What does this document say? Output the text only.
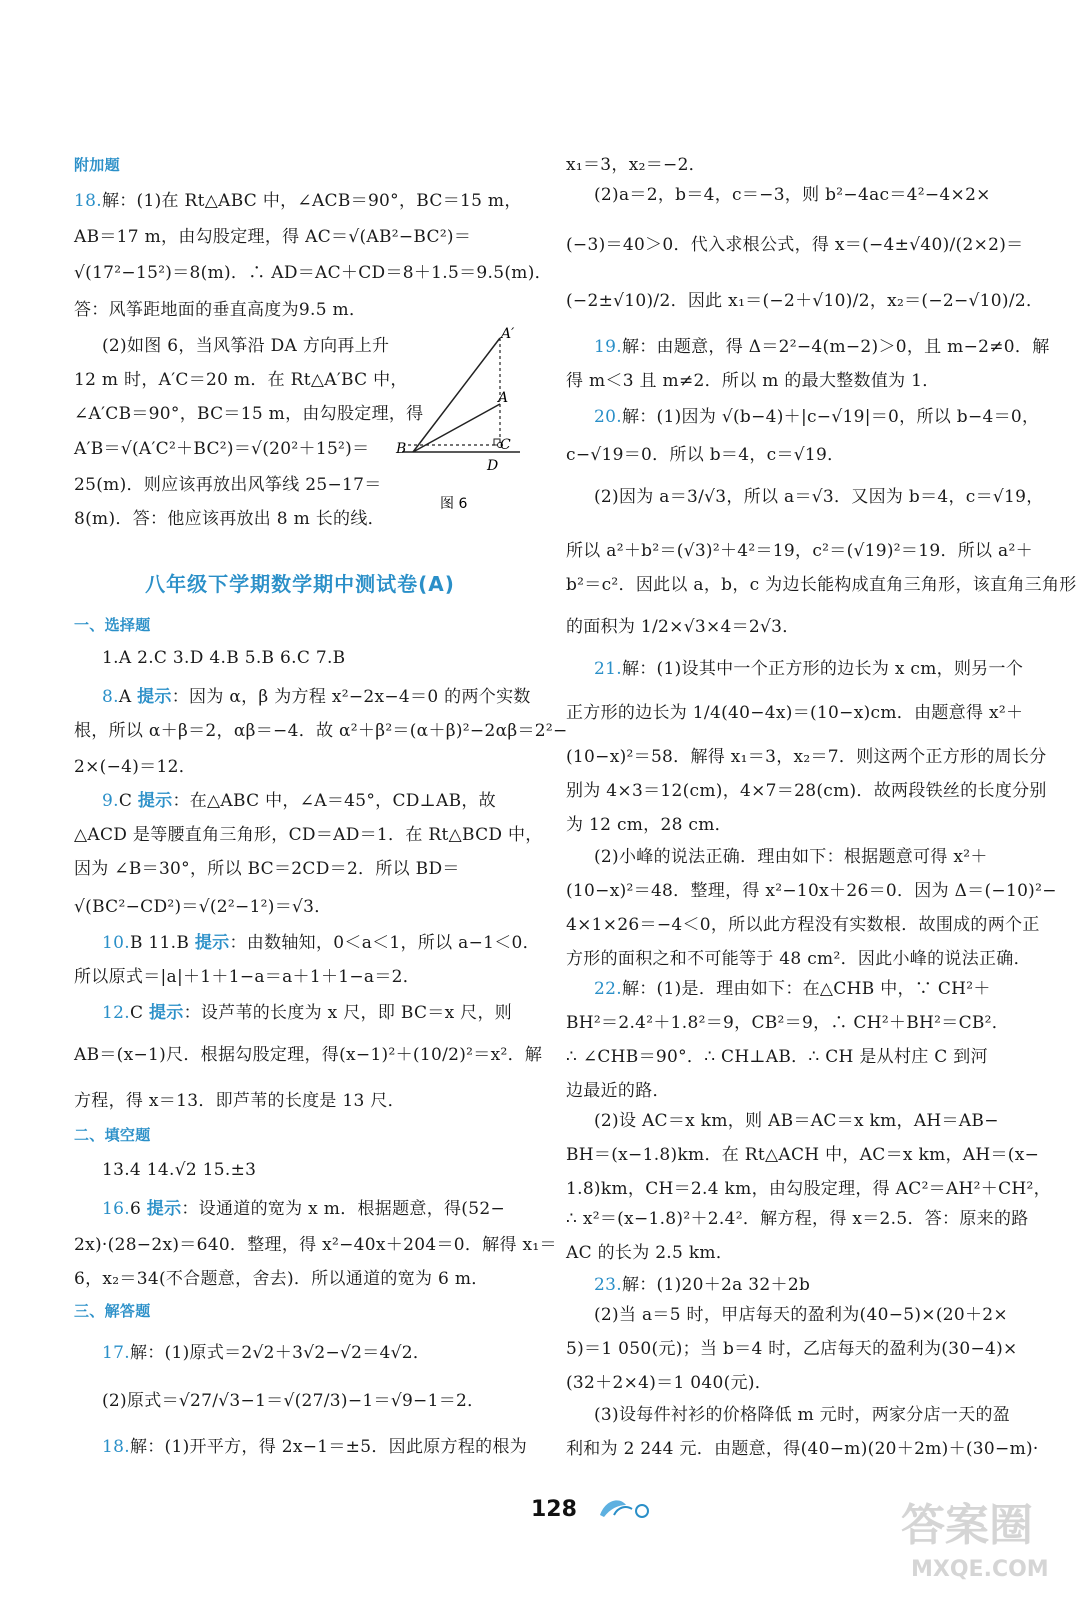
附加题
18.解：(1)在 Rt△ABC 中，∠ACB＝90°，BC＝15 m，
AB＝17 m，由勾股定理，得 AC＝√(AB²−BC²)＝
√(17²−15²)＝8(m)．∴ AD＝AC＋CD＝8＋1.5＝9.5(m)．
答：风筝距地面的垂直高度为9.5 m．
(2)如图 6，当风筝沿 DA 方向再上升
12 m 时，A′C＝20 m．在 Rt△A′BC 中，
∠A′CB＝90°，BC＝15 m，由勾股定理，得
A′B＝√(A′C²＋BC²)＝√(20²＋15²)＝
25(m)．则应该再放出风筝线 25−17＝
8(m)．答：他应该再放出 8 m 长的线．
一、选择题
1.A 2.C 3.D 4.B 5.B 6.C 7.B
8.A 提示：因为 α，β 为方程 x²−2x−4＝0 的两个实数
根，所以 α＋β＝2，αβ＝−4．故 α²＋β²＝(α＋β)²−2αβ＝2²−
2×(−4)＝12．
9.C 提示：在△ABC 中，∠A＝45°，CD⊥AB，故
△ACD 是等腰直角三角形，CD＝AD＝1．在 Rt△BCD 中，
因为 ∠B＝30°，所以 BC＝2CD＝2．所以 BD＝
√(BC²−CD²)＝√(2²−1²)＝√3．
10.B 11.B 提示：由数轴知，0＜a＜1，所以 a−1＜0．
所以原式＝|a|＋1＋1−a＝a＋1＋1−a＝2．
12.C 提示：设芦苇的长度为 x 尺，即 BC＝x 尺，则
AB＝(x−1)尺．根据勾股定理，得(x−1)²＋(10/2)²＝x²．解
方程，得 x＝13．即芦苇的长度是 13 尺．
二、填空题
13.4 14.√2 15.±3
16.6 提示：设通道的宽为 x m．根据题意，得(52−
2x)·(28−2x)＝640．整理，得 x²−40x＋204＝0．解得 x₁＝
6，x₂＝34(不合题意，舍去)．所以通道的宽为 6 m．
三、解答题
17.解：(1)原式＝2√2＋3√2−√2＝4√2．
(2)原式＝√27/√3−1＝√(27/3)−1＝√9−1＝2．
18.解：(1)开平方，得 2x−1＝±5．因此原方程的根为
x₁＝3，x₂＝−2．
(2)a＝2，b＝4，c＝−3，则 b²−4ac＝4²−4×2×
(−3)＝40＞0．代入求根公式，得 x＝(−4±√40)/(2×2)＝
(−2±√10)/2．因此 x₁＝(−2＋√10)/2，x₂＝(−2−√10)/2．
19.解：由题意，得 Δ＝2²−4(m−2)＞0，且 m−2≠0．解
得 m＜3 且 m≠2．所以 m 的最大整数值为 1．
20.解：(1)因为 √(b−4)＋|c−√19|＝0，所以 b−4＝0，
c−√19＝0．所以 b＝4，c＝√19．
(2)因为 a＝3/√3，所以 a＝√3．又因为 b＝4，c＝√19，
所以 a²＋b²＝(√3)²＋4²＝19，c²＝(√19)²＝19．所以 a²＋
b²＝c²．因此以 a，b，c 为边长能构成直角三角形，该直角三角形
的面积为 1/2×√3×4＝2√3．
21.解：(1)设其中一个正方形的边长为 x cm，则另一个
正方形的边长为 1/4(40−4x)＝(10−x)cm．由题意得 x²＋
(10−x)²＝58．解得 x₁＝3，x₂＝7．则这两个正方形的周长分
别为 4×3＝12(cm)，4×7＝28(cm)．故两段铁丝的长度分别
为 12 cm，28 cm．
(2)小峰的说法正确．理由如下：根据题意可得 x²＋
(10−x)²＝48．整理，得 x²−10x＋26＝0．因为 Δ＝(−10)²−
4×1×26＝−4＜0，所以此方程没有实数根．故围成的两个正
方形的面积之和不可能等于 48 cm²．因此小峰的说法正确．
22.解：(1)是．理由如下：在△CHB 中，∵ CH²＋
BH²＝2.4²＋1.8²＝9，CB²＝9，∴ CH²＋BH²＝CB²．
∴ ∠CHB＝90°．∴ CH⊥AB．∴ CH 是从村庄 C 到河
边最近的路．
(2)设 AC＝x km，则 AB＝AC＝x km，AH＝AB−
BH＝(x−1.8)km．在 Rt△ACH 中，AC＝x km，AH＝(x−
1.8)km，CH＝2.4 km，由勾股定理，得 AC²＝AH²＋CH²，
∴ x²＝(x−1.8)²＋2.4²．解方程，得 x＝2.5．答：原来的路
AC 的长为 2.5 km．
23.解：(1)20＋2a 32＋2b
(2)当 a＝5 时，甲店每天的盈利为(40−5)×(20＋2×
5)＝1 050(元)；当 b＝4 时，乙店每天的盈利为(30−4)×
(32＋2×4)＝1 040(元)．
(3)设每件衬衫的价格降低 m 元时，两家分店一天的盈
利和为 2 244 元．由题意，得(40−m)(20＋2m)＋(30−m)·
八年级下学期数学期中测试卷(A)
A′
A
B	C
D
图 6
128	答案圈
MXQE.COM
